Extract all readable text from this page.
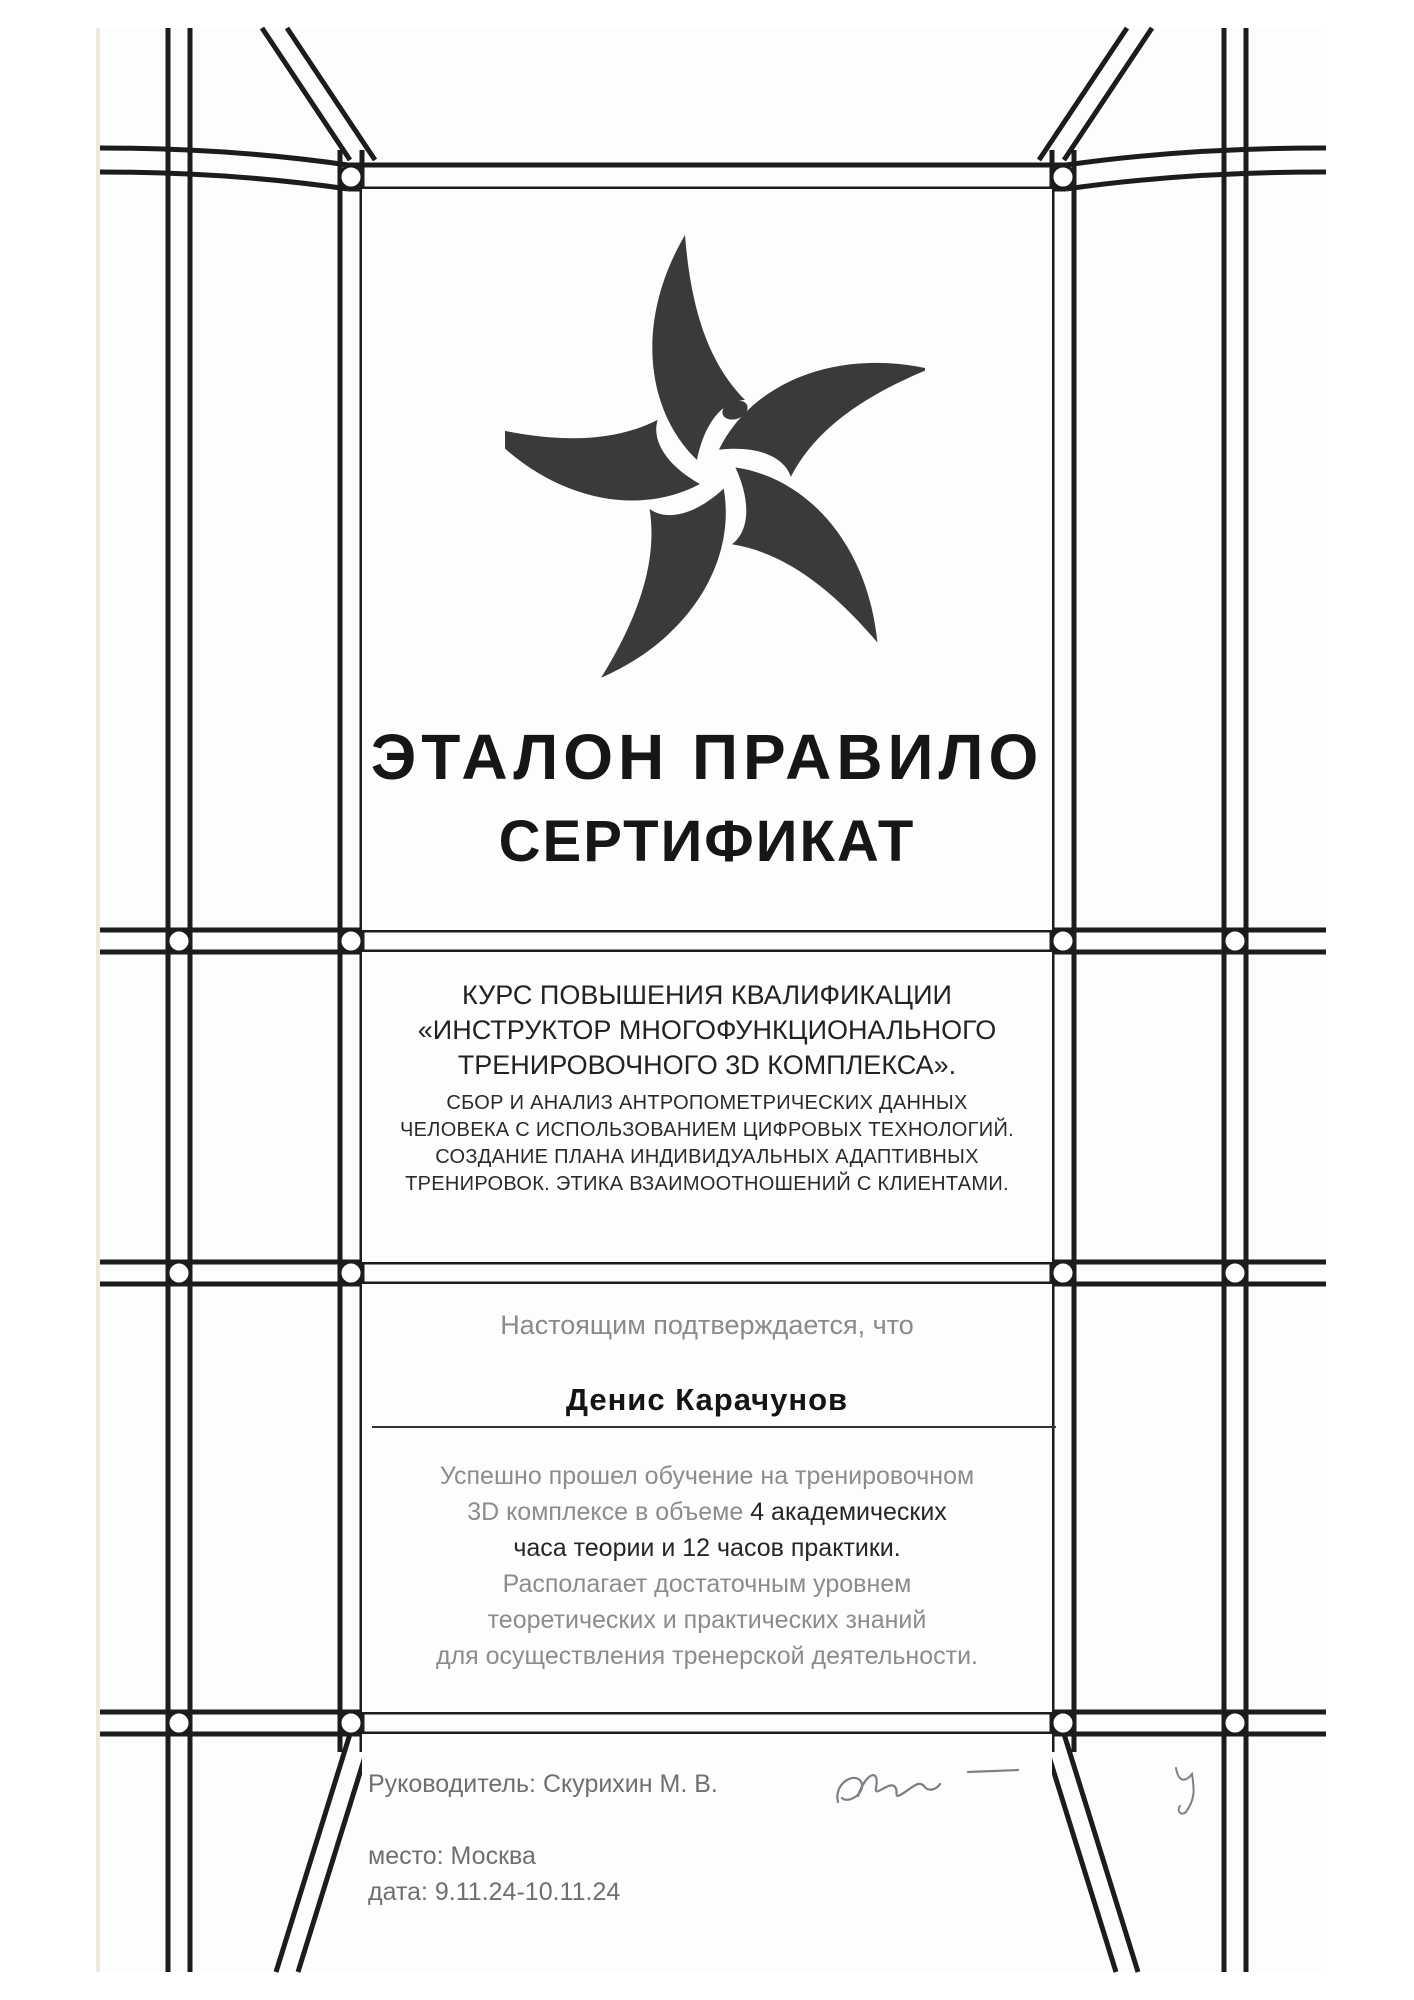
ЭТАЛОН ПРАВИЛО
СЕРТИФИКАТ
КУРС ПОВЫШЕНИЯ КВАЛИФИКАЦИИ
«ИНСТРУКТОР МНОГОФУНКЦИОНАЛЬНОГО
ТРЕНИРОВОЧНОГО 3D КОМПЛЕКСА».
СБОР И АНАЛИЗ АНТРОПОМЕТРИЧЕСКИХ ДАННЫХ
ЧЕЛОВЕКА С ИСПОЛЬЗОВАНИЕМ ЦИФРОВЫХ ТЕХНОЛОГИЙ.
СОЗДАНИЕ ПЛАНА ИНДИВИДУАЛЬНЫХ АДАПТИВНЫХ
ТРЕНИРОВОК. ЭТИКА ВЗАИМООТНОШЕНИЙ С КЛИЕНТАМИ.
Настоящим подтверждается, что
Денис Карачунов
Успешно прошел обучение на тренировочном
3D комплексе в объеме 4 академических
часа теории и 12 часов практики.
Располагает достаточным уровнем
теоретических и практических знаний
для осуществления тренерской деятельности.
Руководитель: Скурихин М. В.
место: Москва
дата: 9.11.24-10.11.24
